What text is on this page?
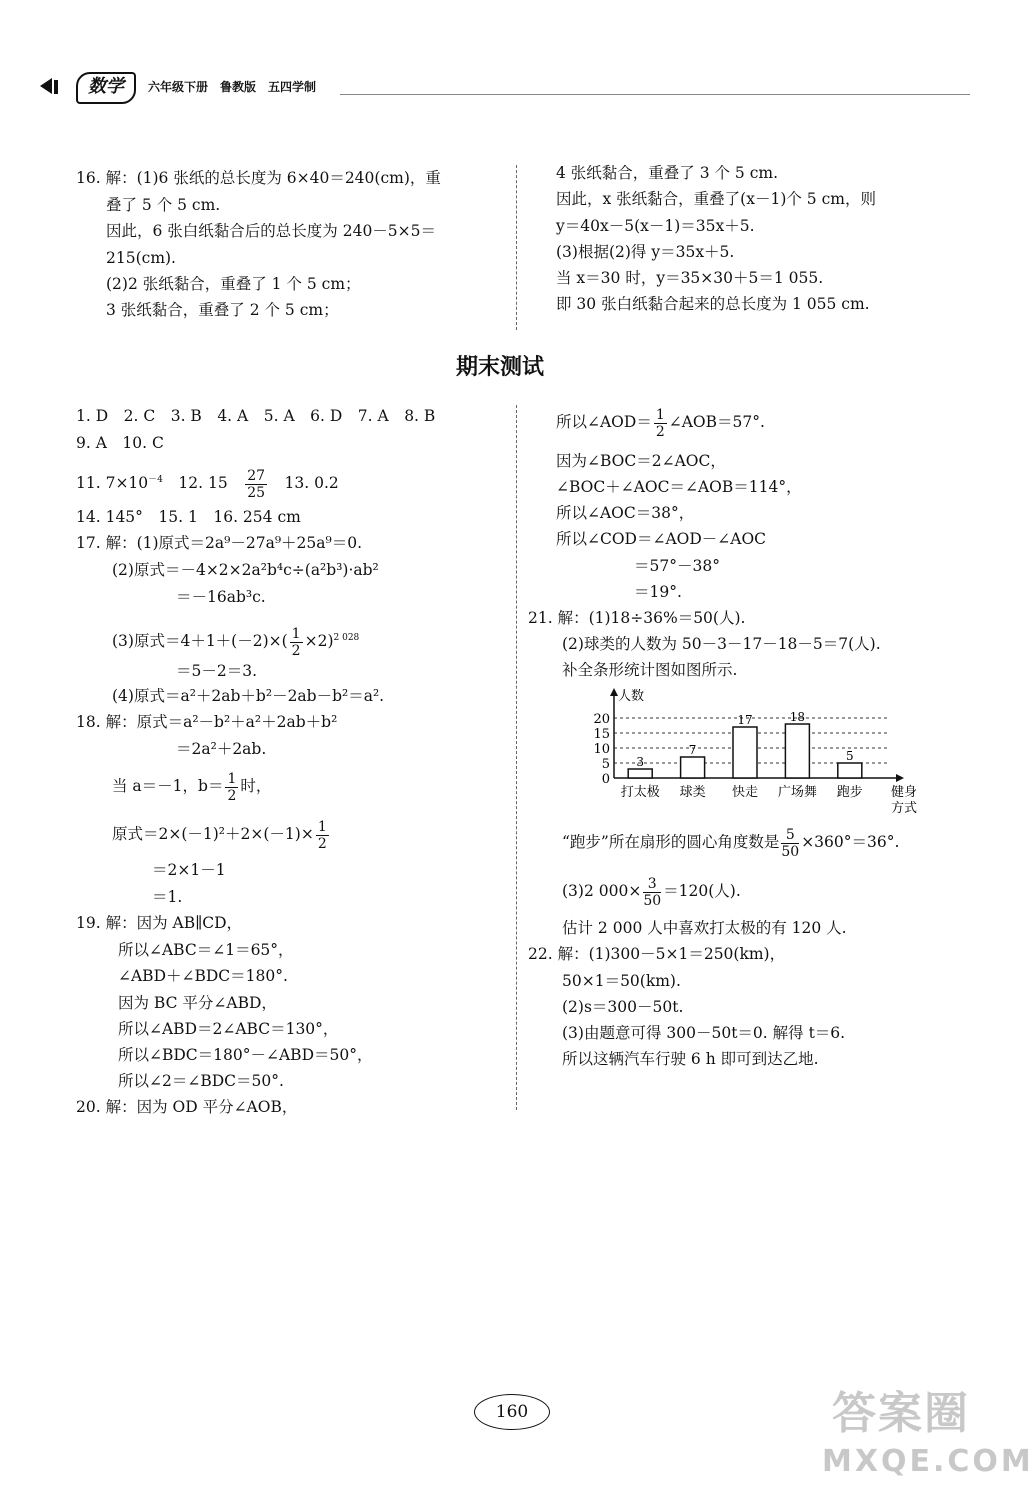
数学	六年级下册　鲁教版　五四学制
16. 解：(1)6 张纸的总长度为 6×40＝240(cm)，重
叠了 5 个 5 cm.
因此，6 张白纸黏合后的总长度为 240－5×5＝
215(cm).
(2)2 张纸黏合，重叠了 1 个 5 cm；
3 张纸黏合，重叠了 2 个 5 cm；
4 张纸黏合，重叠了 3 个 5 cm.
因此，x 张纸黏合，重叠了(x－1)个 5 cm，则
y＝40x－5(x－1)＝35x＋5.
(3)根据(2)得 y＝35x＋5.
当 x＝30 时，y＝35×30＋5＝1 055.
即 30 张白纸黏合起来的总长度为 1 055 cm.
期末测试
1. D　2. C　3. B　4. A　5. A　6. D　7. A　8. B
9. A　10. C
11. $7\times 10^{-4}$　12. 15　 $\frac{27}{25}$ 　13. 0.2
14. 145°　15. 1　16. 254 cm
17. 解：(1)原式＝2a⁹－27a⁹＋25a⁹＝0.
(2)原式＝－4×2×2a²b⁴c÷(a²b³)·ab²
＝－16ab³c.
(3)原式$=4+1+(-2)\times( \frac{1}{2} \times 2)^{2 028}$
＝5－2＝3.
(4)原式＝a²＋2ab＋b²－2ab－b²＝a².
18. 解：原式＝a²－b²＋a²＋2ab＋b²
＝2a²＋2ab.
当 a＝－1，$b= \frac{1}{2}$ 时，
原式$=2\times(-1)^2+2\times(-1)\times \frac{1}{2}$
＝2×1－1
＝1.
19. 解：因为 AB∥CD，
所以∠ABC＝∠1＝65°，
∠ABD＋∠BDC＝180°.
因为 BC 平分∠ABD，
所以∠ABD＝2∠ABC＝130°，
所以∠BDC＝180°－∠ABD＝50°，
所以∠2＝∠BDC＝50°.
20. 解：因为 OD 平分∠AOB，
所以∠AOD＝ $\frac{1}{2}$ ∠AOB＝57°.
因为∠BOC＝2∠AOC，
∠BOC＋∠AOC＝∠AOB＝114°，
所以∠AOC＝38°，
所以∠COD＝∠AOD－∠AOC
＝57°－38°
＝19°.
21. 解：(1)18÷36%＝50(人).
(2)球类的人数为 50－3－17－18－5＝7(人).
补全条形统计图如图所示.
0
5
10
15
20
人数
健身
方式
3
打太极
7
球类
17
快走
18
广场舞
5
跑步
“跑步”所在扇形的圆心角度数是 $\frac{5}{50} \times 360^\circ=36^\circ$.
(3)2 $000\times \frac{3}{50} =120$(人).
估计 2 000 人中喜欢打太极的有 120 人.
22. 解：(1)300－5×1＝250(km)，
50×1＝50(km).
(2)s＝300－50t.
(3)由题意可得 300－50t＝0. 解得 t＝6.
所以这辆汽车行驶 6 h 即可到达乙地.
160	答案圈
MXQE.COM
